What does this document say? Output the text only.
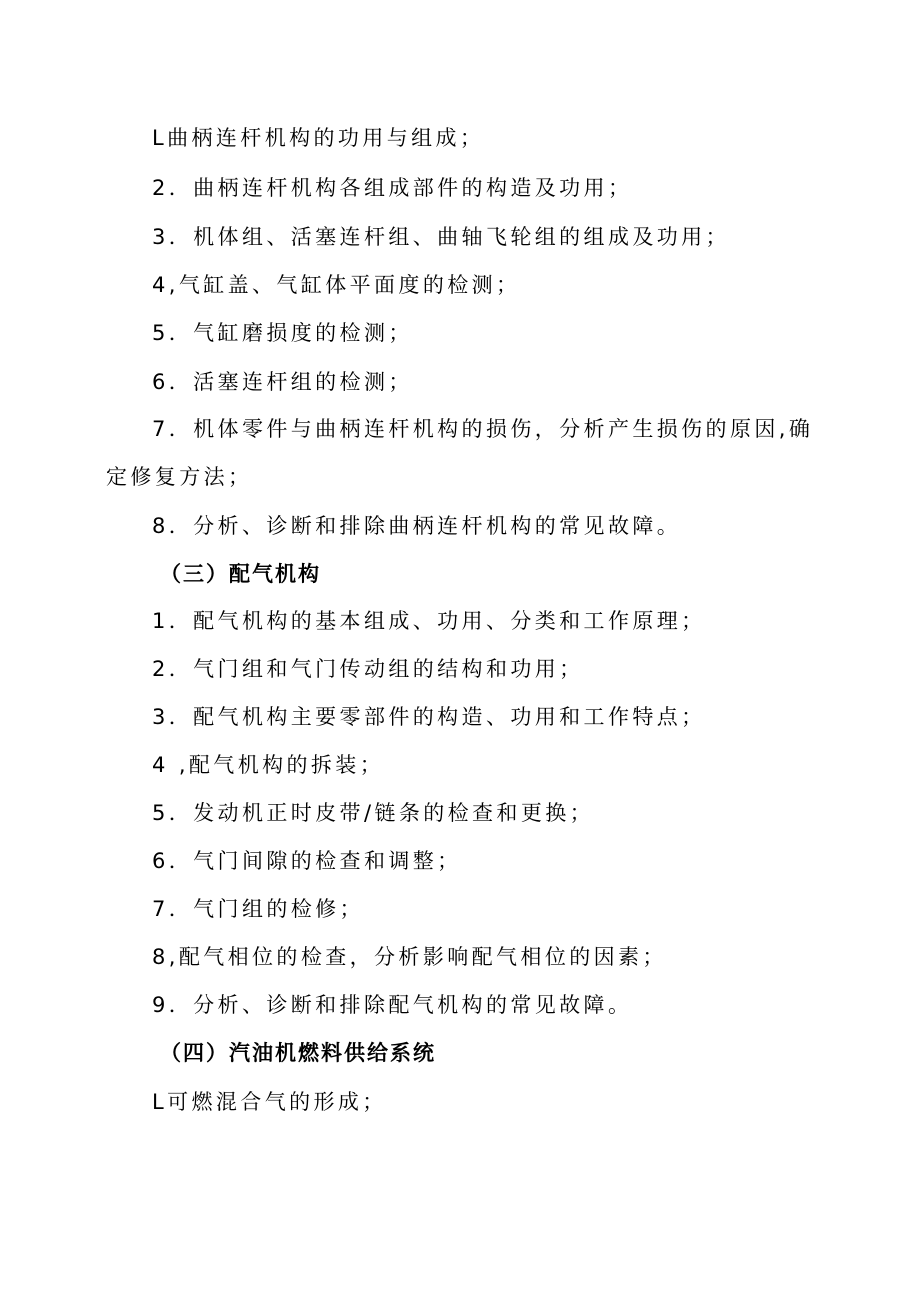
L曲柄连杆机构的功用与组成；
2．曲柄连杆机构各组成部件的构造及功用；
3．机体组、活塞连杆组、曲轴飞轮组的组成及功用；
4,气缸盖、气缸体平面度的检测；
5．气缸磨损度的检测；
6．活塞连杆组的检测；
7．机体零件与曲柄连杆机构的损伤，分析产生损伤的原因,确
定修复方法；
8．分析、诊断和排除曲柄连杆机构的常见故障。
（三）配气机构
1．配气机构的基本组成、功用、分类和工作原理；
2．气门组和气门传动组的结构和功用；
3．配气机构主要零部件的构造、功用和工作特点；
4 ,配气机构的拆装；
5．发动机正时皮带/链条的检查和更换；
6．气门间隙的检查和调整；
7．气门组的检修；
8,配气相位的检查，分析影响配气相位的因素；
9．分析、诊断和排除配气机构的常见故障。
（四）汽油机燃料供给系统
L可燃混合气的形成；
